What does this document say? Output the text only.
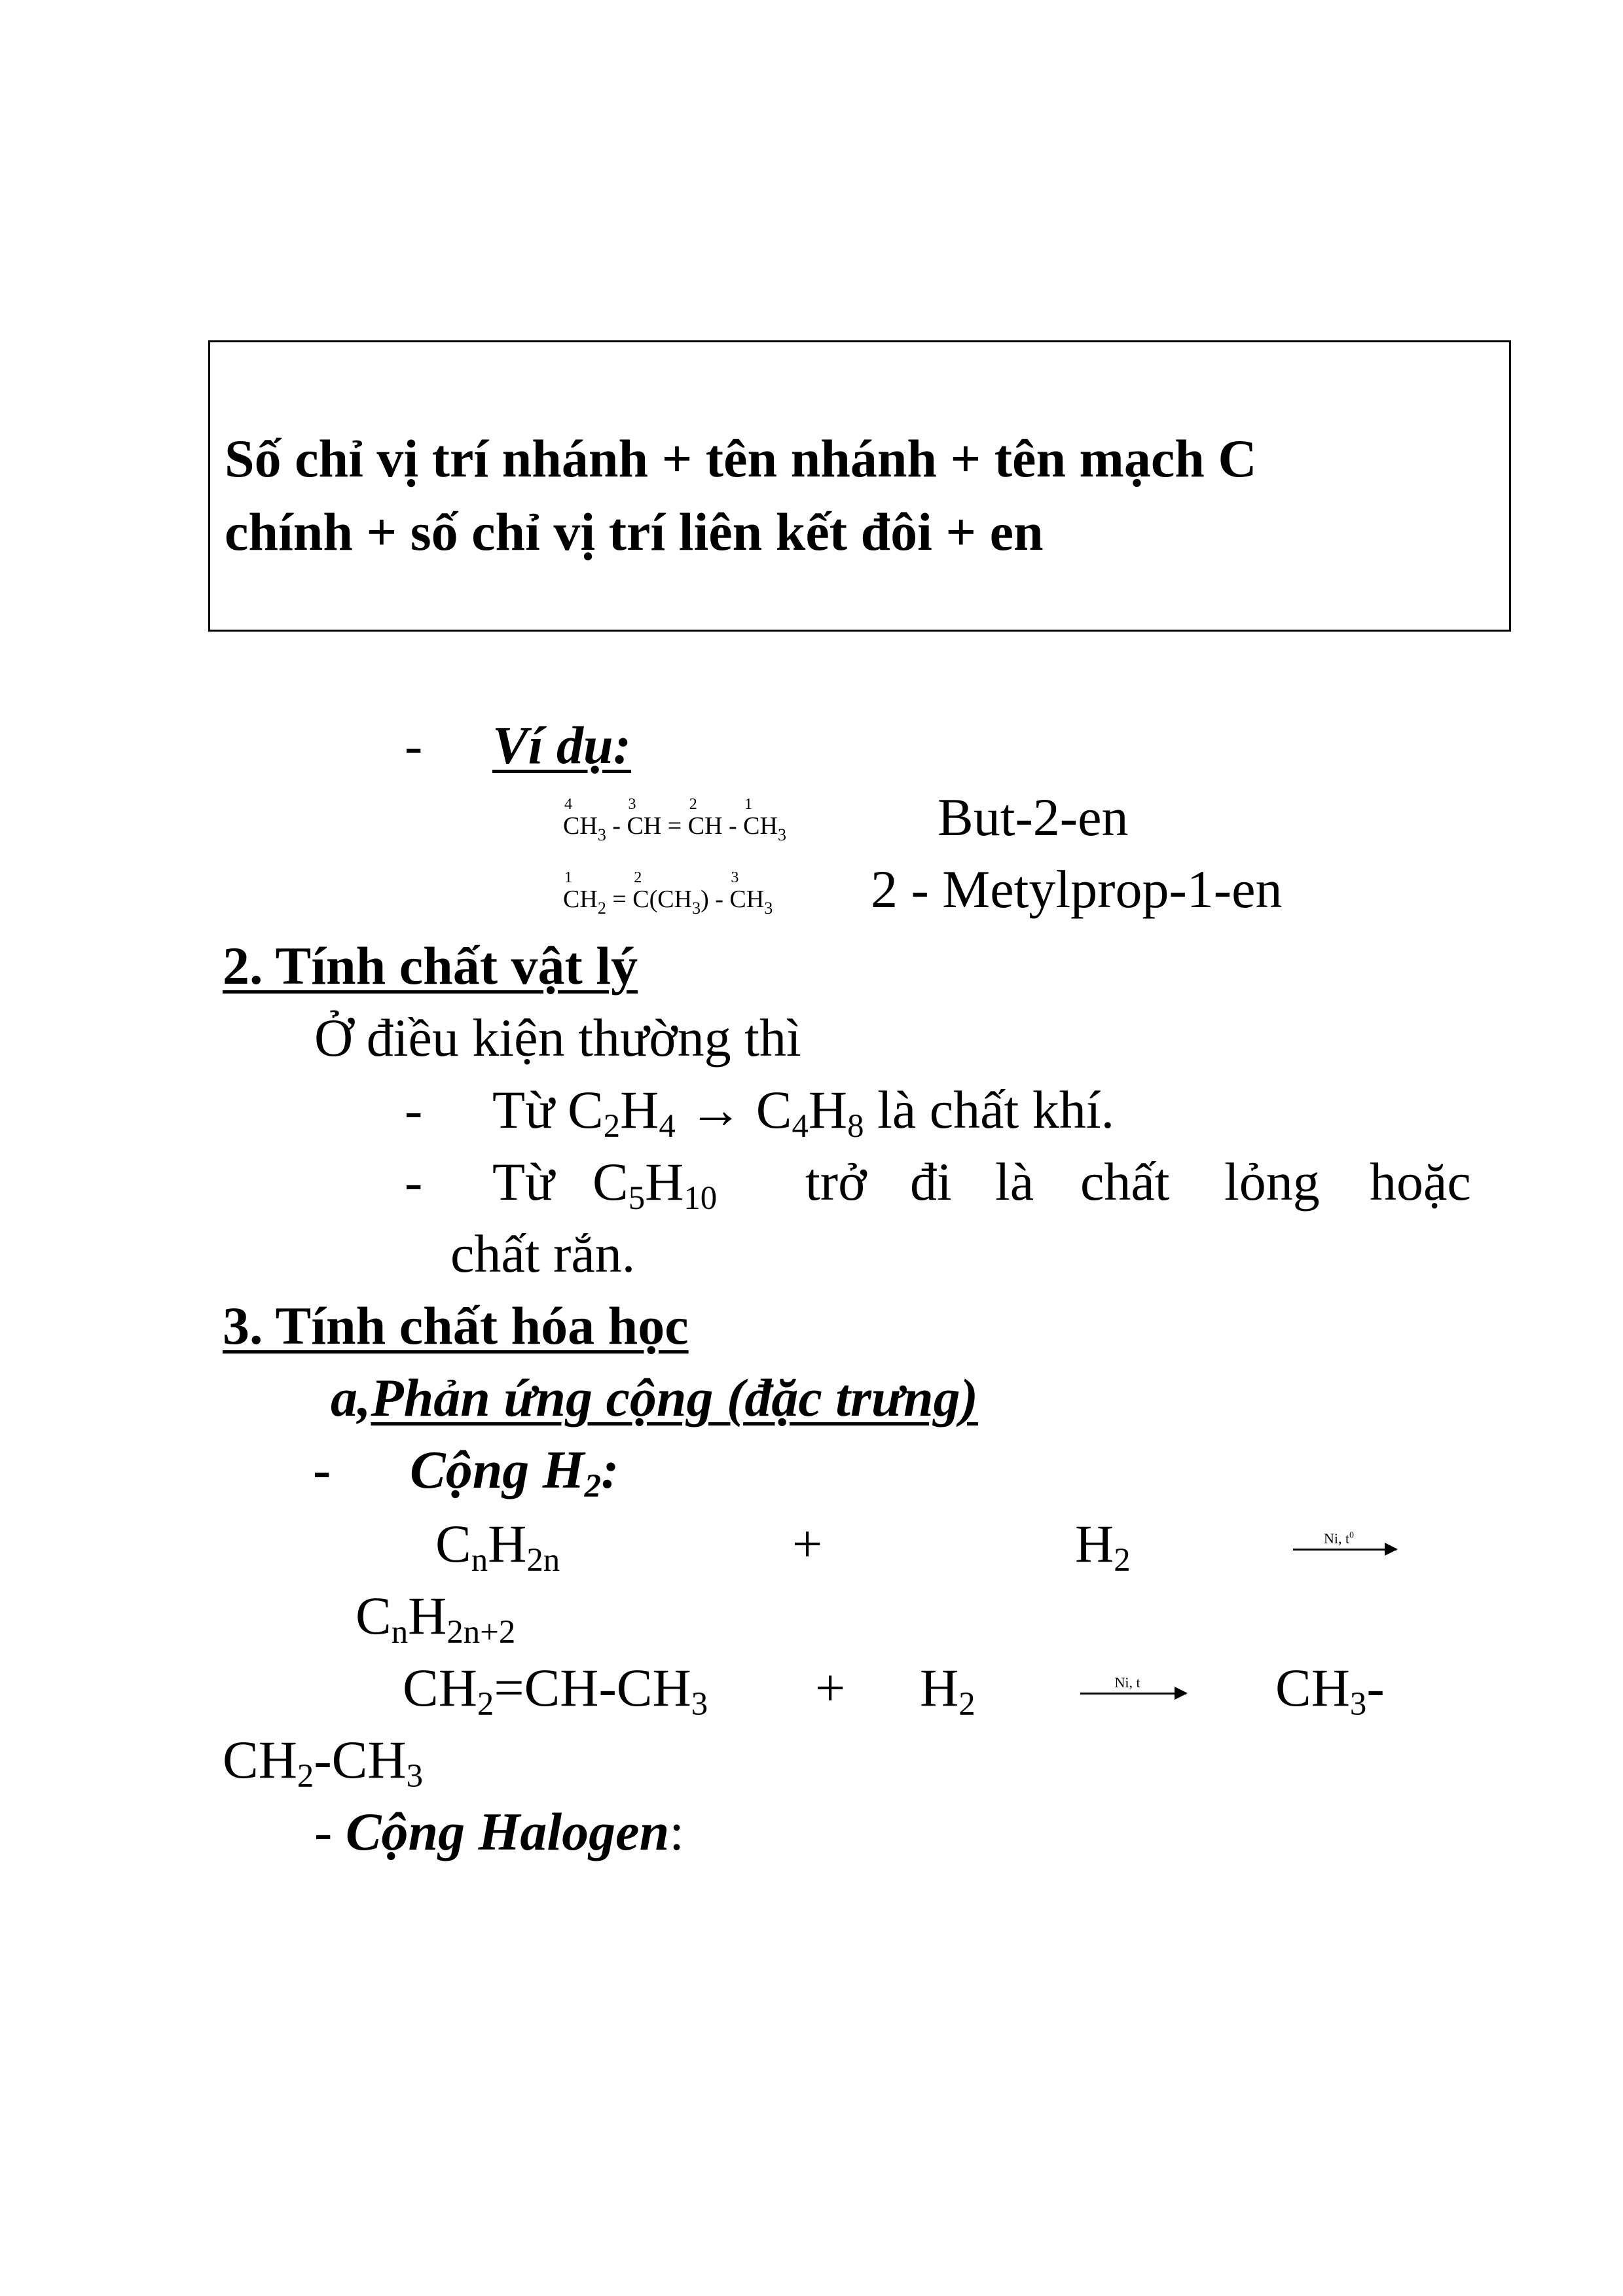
Số chỉ vị trí nhánh + tên nhánh + tên mạch C
chính + số chỉ vị trí liên kết đôi + en
- Ví dụ:
4
$CH_3$ -
3
CH =
2
CH -
1
$CH_3$	But-2-en
1
$CH_2$ =
2
$C(CH_3)$ -
3
$CH_3$ 2 - Metylprop-1-en
2. Tính chất vật lý
Ở điều kiện thường thì
- Từ $C_2H_4 \to C_4H_8$ là chất khí.
- Từ $C_5H_{10}$ trở đi là chất lỏng hoặc
chất rắn.
3. Tính chất hóa học
a,Phản ứng cộng (đặc trưng)
- Cộng $H_2$:
$C_nH_{2n}$	+	$H_2$
Ni, $t^0$
$C_nH_{2n+2}$
$CH_2=CH-CH_3 + H_2$
Ni, t	$CH_3-$
$CH_2-CH_3$
- Cộng Halogen:
